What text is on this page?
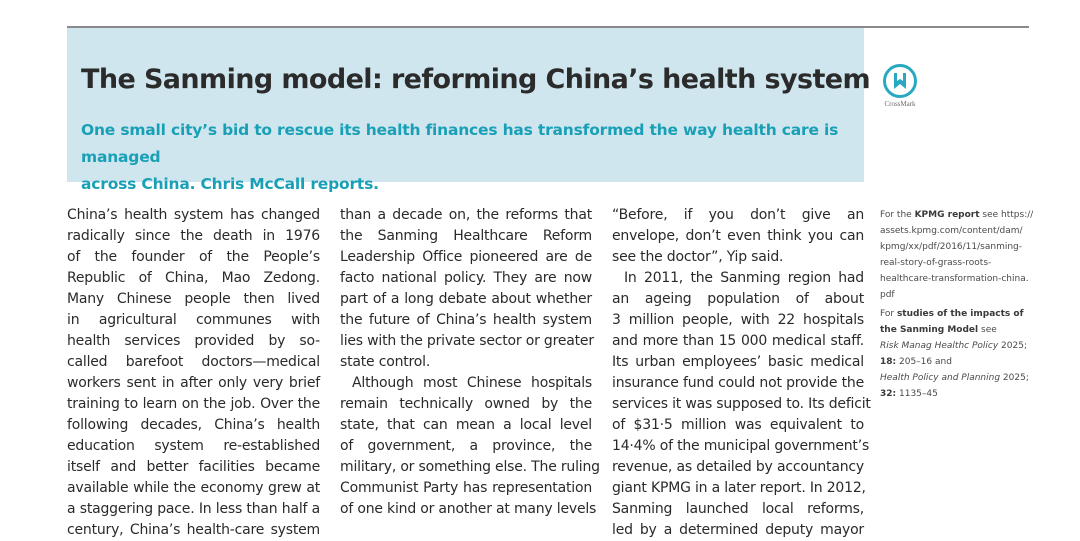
The Sanming model: reforming China’s health system

One small city’s bid to rescue its health finances has transformed the way health care is managed
across China. Chris McCall reports.

CrossMark
China’s health system has changed
radically since the death in 1976
of the founder of the People’s
Republic of China, Mao Zedong.
Many Chinese people then lived
in agricultural communes with
health services provided by so-
called barefoot doctors—medical
workers sent in after only very brief
training to learn on the job. Over the
following decades, China’s health
education system re-established
itself and better facilities became
available while the economy grew at
a staggering pace. In less than half a
century, China’s health-care system
than a decade on, the reforms that
the Sanming Healthcare Reform
Leadership Office pioneered are de
facto national policy. They are now
part of a long debate about whether
the future of China’s health system
lies with the private sector or greater
state control.
Although most Chinese hospitals
remain technically owned by the
state, that can mean a local level
of government, a province, the
military, or something else. The ruling
Communist Party has representation
of one kind or another at many levels
“Before, if you don’t give an
envelope, don’t even think you can
see the doctor”, Yip said.
In 2011, the Sanming region had
an ageing population of about
3 million people, with 22 hospitals
and more than 15 000 medical staff.
Its urban employees’ basic medical
insurance fund could not provide the
services it was supposed to. Its deficit
of $31·5 million was equivalent to
14·4% of the municipal government’s
revenue, as detailed by accountancy
giant KPMG in a later report. In 2012,
Sanming launched local reforms,
led by a determined deputy mayor

For the KPMG report see https://
assets.kpmg.com/content/dam/
kpmg/xx/pdf/2016/11/sanming-
real-story-of-grass-roots-
healthcare-transformation-china.
pdf

For studies of the impacts of
the Sanming Model see
Risk Manag Healthc Policy 2025;
18: 205–16 and
Health Policy and Planning 2025;
32: 1135–45
